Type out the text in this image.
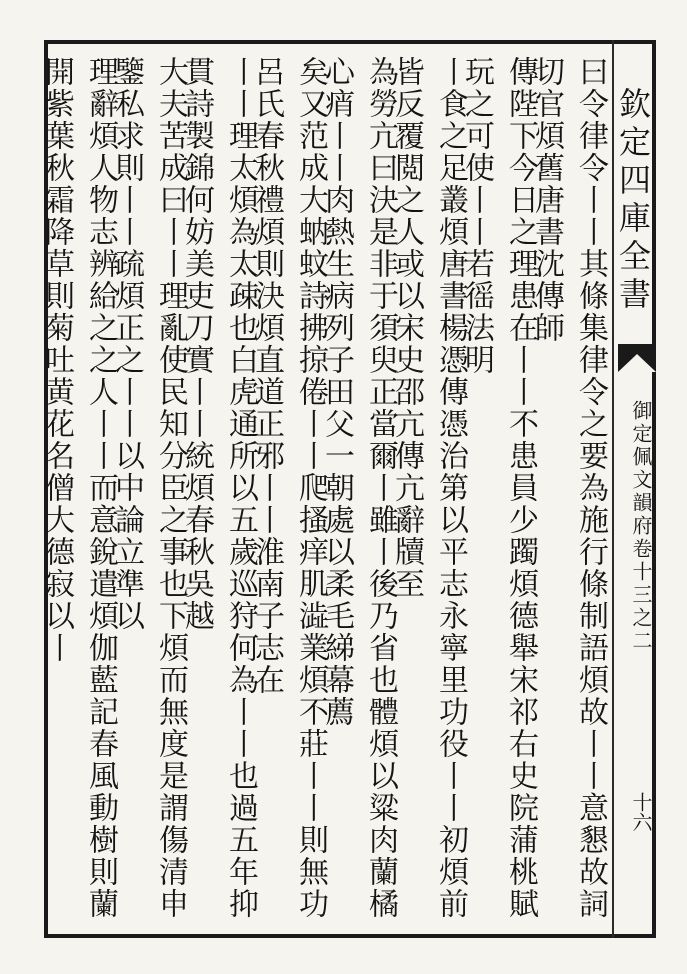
欽定四庫全書
御定佩文韻府卷十三之二
十六
曰令律令丨丨其條集律令之要為施行條制語煩故丨丨意懇故詞切官煩舊唐書沈傳師
傳陛下今日之理患在丨丨不患員少躅煩德舉宋祁右史院蒲桃賦玩之可使丨丨若徭法明
丨食之足叢煩唐書楊憑傳憑治第以平志永寧里功役丨丨初煩前皆反覆閲之人或以宋史邵亢傳亢辭牘至
為勞亢曰決是非于須臾正當爾丨雖丨後乃省也體煩以粱肉蘭橘心痟丨丨肉熱生病列子田父一朝處以柔毛綈幕薦
矣又范成大蚋蚊詩拂掠倦丨丨爬搔痒肌澁業煩不莊丨丨則無功呂氏春秋禮煩則決煩直道正邪丨丨淮南子志在
丨丨理太煩為太疎也白虎通所以五歲巡狩何為丨丨也過五年抑貫詩製錦何妨美吏刀實丨丨統煩春秋吳越
大夫苦成曰丨丨理亂使民知分臣之事也下煩而無度是謂傷清申鑒私求則丨丨疏煩正之丨丨以中論立準以
理辭煩人物志辨給之之人丨丨而意銳遣煩伽藍記春風動樹則蘭開紫葉秋霜降草則菊吐黄花名僧大德寂以丨
